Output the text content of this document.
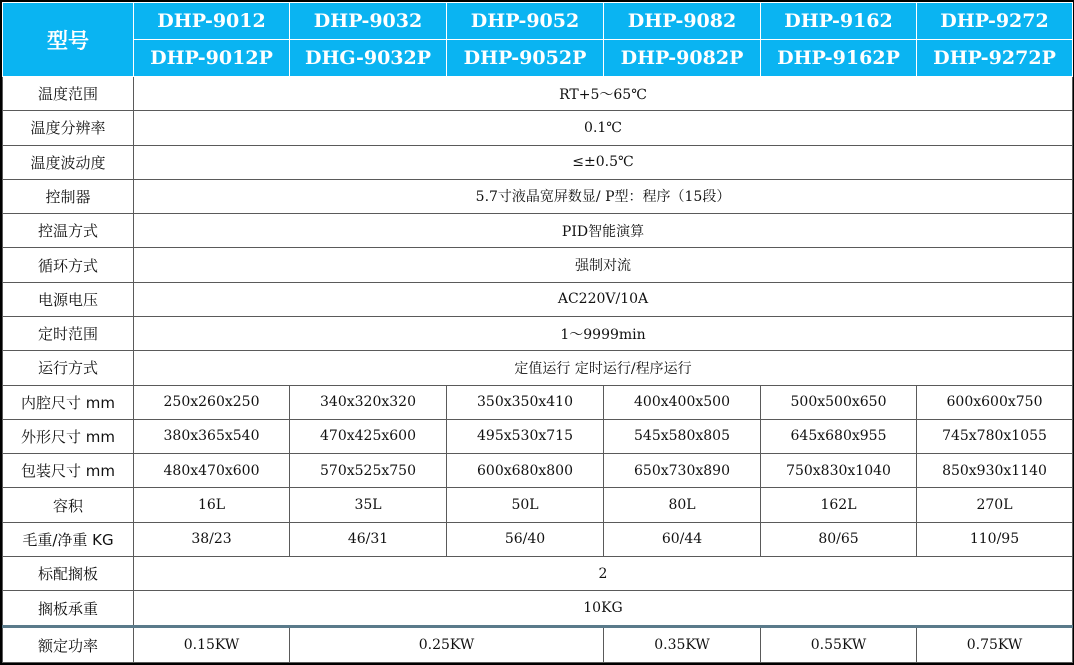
型号	DHP-9012	DHP-9032	DHP-9052	DHP-9082	DHP-9162	DHP-9272
	DHP-9012P	DHG-9032P	DHP-9052P	DHP-9082P	DHP-9162P	DHP-9272P
温度范围	RT+5～65℃					
温度分辨率	0.1℃					
温度波动度	≤±0.5℃					
控制器	5.7寸液晶宽屏数显/ P型：程序（15段）					
控温方式	PID智能演算					
循环方式	强制对流					
电源电压	AC220V/10A					
定时范围	1～9999min					
运行方式	定值运行 定时运行/程序运行					
内腔尺寸 mm	250x260x250	340x320x320	350x350x410	400x400x500	500x500x650	600x600x750
外形尺寸 mm	380x365x540	470x425x600	495x530x715	545x580x805	645x680x955	745x780x1055
包装尺寸 mm	480x470x600	570x525x750	600x680x800	650x730x890	750x830x1040	850x930x1140
容积	16L	35L	50L	80L	162L	270L
毛重/净重 KG	38/23	46/31	56/40	60/44	80/65	110/95
标配搁板	2					
搁板承重	10KG					
额定功率	0.15KW	0.25KW		0.35KW	0.55KW	0.75KW
